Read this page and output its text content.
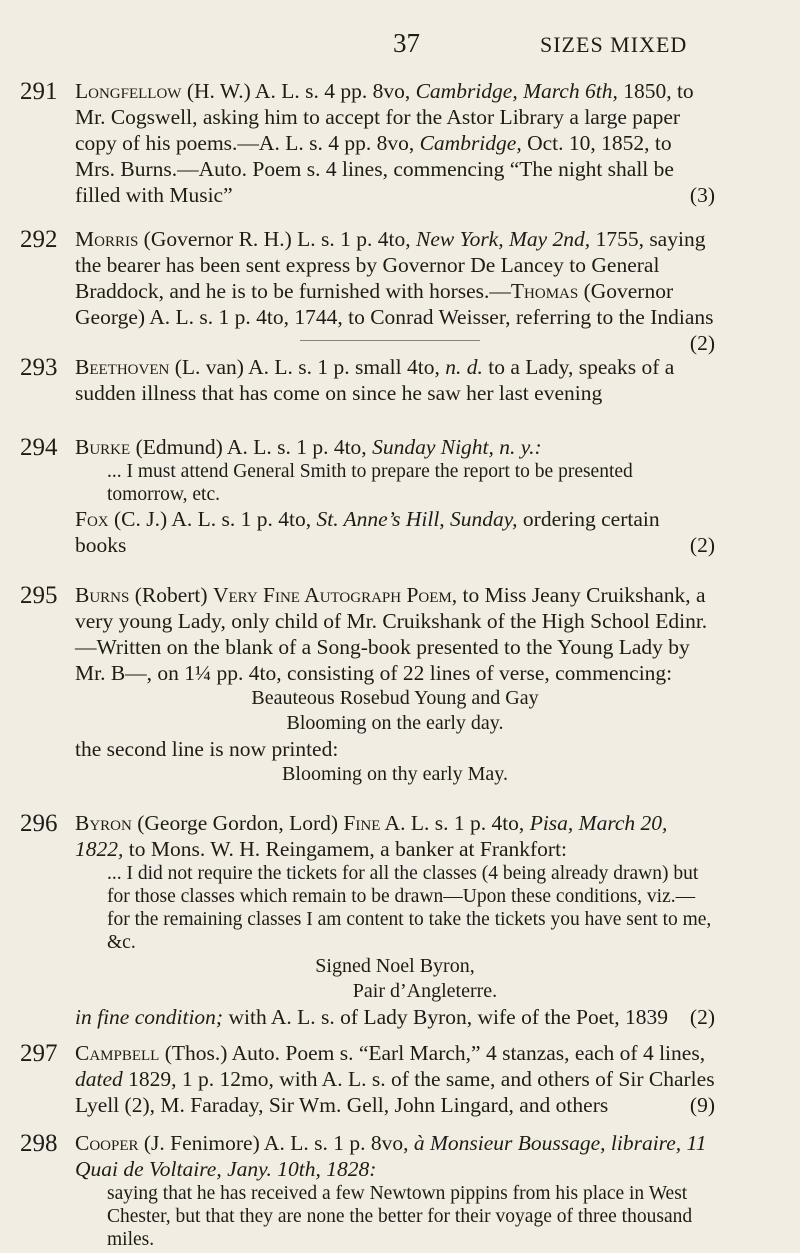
37	SIZES MIXED
291 Longfellow (H. W.) A. L. s. 4 pp. 8vo, Cambridge, March 6th, 1850, to Mr. Cogswell, asking him to accept for the Astor Library a large paper copy of his poems.—A. L. s. 4 pp. 8vo, Cambridge, Oct. 10, 1852, to Mrs. Burns.—Auto. Poem s. 4 lines, commencing “The night shall be filled with Music”	(3)

292 Morris (Governor R. H.) L. s. 1 p. 4to, New York, May 2nd, 1755, saying the bearer has been sent express by Governor De Lancey to General Braddock, and he is to be furnished with horses.—Thomas (Governor George) A. L. s. 1 p. 4to, 1744, to Conrad Weisser, referring to the Indians
(2)

293 Beethoven (L. van) A. L. s. 1 p. small 4to, n. d. to a Lady, speaks of a sudden illness that has come on since he saw her last evening

294 Burke (Edmund) A. L. s. 1 p. 4to, Sunday Night, n. y.:

... I must attend General Smith to prepare the report to be presented tomorrow, etc.

Fox (C. J.) A. L. s. 1 p. 4to, St. Anne’s Hill, Sunday, ordering certain books	(2)

295 Burns (Robert) Very Fine Autograph Poem, to Miss Jeany Cruikshank, a very young Lady, only child of Mr. Cruikshank of the High School Edinr.—Written on the blank of a Song-book presented to the Young Lady by Mr. B—, on 1¼ pp. 4to, consisting of 22 lines of verse, commencing:

Beauteous Rosebud Young and Gay

Blooming on the early day.

the second line is now printed:

Blooming on thy early May.

296 Byron (George Gordon, Lord) Fine A. L. s. 1 p. 4to, Pisa, March 20, 1822, to Mons. W. H. Reingamem, a banker at Frankfort:

... I did not require the tickets for all the classes (4 being already drawn) but for those classes which remain to be drawn—Upon these conditions, viz.—for the remaining classes I am content to take the tickets you have sent to me, &c.

Signed Noel Byron,

Pair d’Angleterre.

in fine condition; with A. L. s. of Lady Byron, wife of the Poet, 1839 (2)

297 Campbell (Thos.) Auto. Poem s. “Earl March,” 4 stanzas, each of 4 lines, dated 1829, 1 p. 12mo, with A. L. s. of the same, and others of Sir Charles Lyell (2), M. Faraday, Sir Wm. Gell, John Lingard, and others	(9)

298 Cooper (J. Fenimore) A. L. s. 1 p. 8vo, à Monsieur Boussage, libraire, 11 Quai de Voltaire, Jany. 10th, 1828:

saying that he has received a few Newtown pippins from his place in West Chester, but that they are none the better for their voyage of three thousand miles.
